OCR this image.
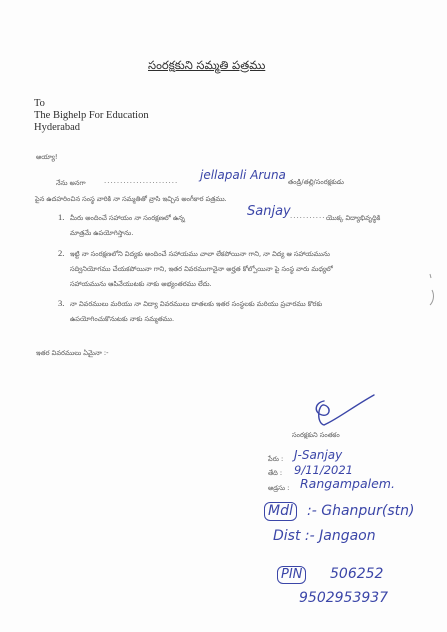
సంరక్షకుని సమ్మతి పత్రము
To
The Bighelp For Education
Hyderabad
అయ్యా!
నేను అనగా	....................... jellapali Aruna తండ్రి/తల్లి/సంరక్షకుడు
పైన ఉదహరించిన సంస్థ వారికి నా సమ్మతితో వ్రాసి ఇచ్చిన అంగీకార పత్రము.
1. మీరు అందించే సహాయం నా సంరక్షణలో ఉన్న	Sanjay ........... యొక్క విద్యాభివృద్ధికి
మాత్రమే ఉపయోగిస్తాను.
2. ఇట్టి నా సంరక్షణలోని విద్యకు అందించే సహాయము చాలా లేకపోయినా గాని, నా విద్య ఆ సహాయమును
సద్వినియోగము చేయకపోయినా గాని, ఇతర వివరముగానైనా అర్హత కోల్పోయినా పై సంస్థ వారు మధ్యలో
సహాయమును ఆపివేయుటకు నాకు అభ్యంతరము లేదు.
3. నా వివరములు మరియు నా విద్యా వివరములు దాతలకు ఇతర సంస్థలకు మరియు ప్రచారము కొరకు
ఉపయోగించుకొనుటకు నాకు సమ్మతము.
ఇతర వివరములు ఏమైనా :-
సంరక్షకుని సంతకం
పేరు : J-Sanjay
తేది : 9/11/2021
అడ్రసు : Rangampalem.
Mdl :- Ghanpur(stn)
Dist :- Jangaon
PIN 506252
9502953937
